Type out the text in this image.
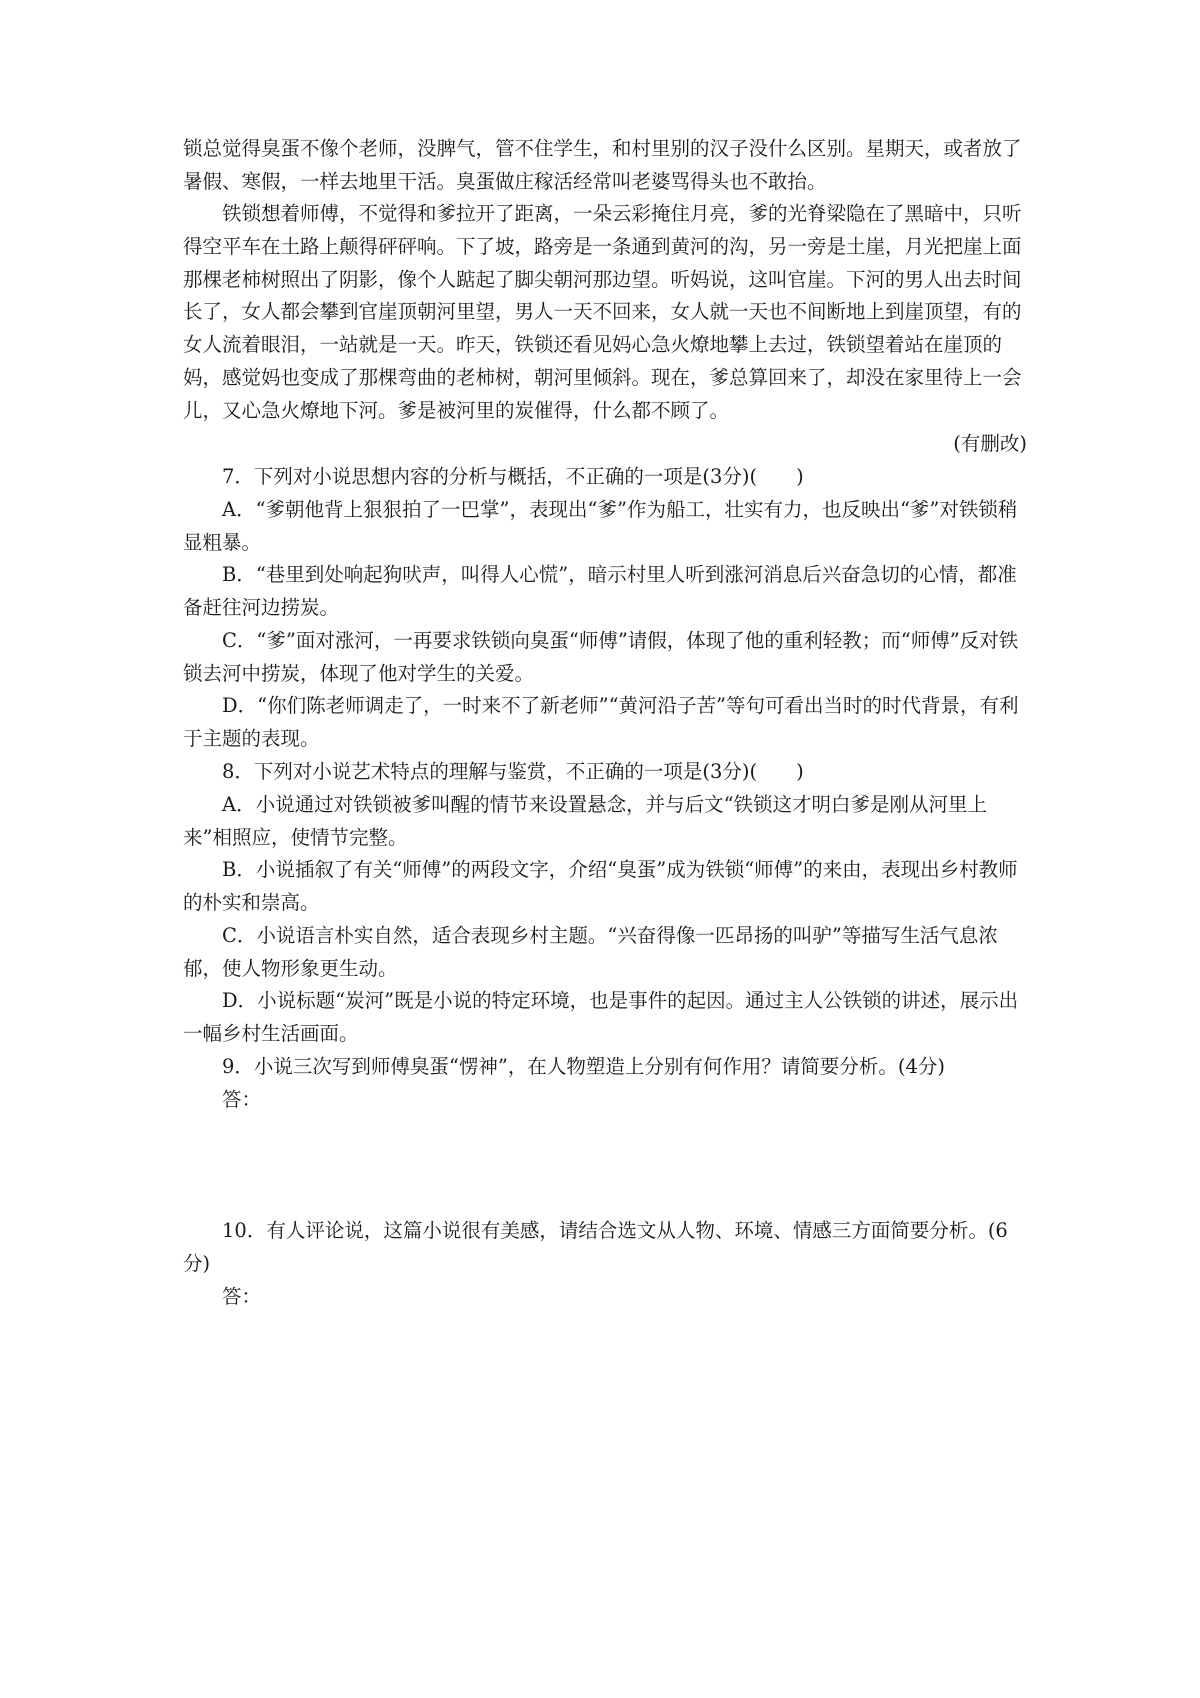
锁总觉得臭蛋不像个老师，没脾气，管不住学生，和村里别的汉子没什么区别。星期天，或者放了暑假、寒假，一样去地里干活。臭蛋做庄稼活经常叫老婆骂得头也不敢抬。

铁锁想着师傅，不觉得和爹拉开了距离，一朵云彩掩住月亮，爹的光脊梁隐在了黑暗中，只听得空平车在土路上颠得砰砰响。下了坡，路旁是一条通到黄河的沟，另一旁是土崖，月光把崖上面那棵老柿树照出了阴影，像个人踮起了脚尖朝河那边望。听妈说，这叫官崖。下河的男人出去时间长了，女人都会攀到官崖顶朝河里望，男人一天不回来，女人就一天也不间断地上到崖顶望，有的女人流着眼泪，一站就是一天。昨天，铁锁还看见妈心急火燎地攀上去过，铁锁望着站在崖顶的妈，感觉妈也变成了那棵弯曲的老柿树，朝河里倾斜。现在，爹总算回来了，却没在家里待上一会儿，又心急火燎地下河。爹是被河里的炭催得，什么都不顾了。

(有删改)

7．下列对小说思想内容的分析与概括，不正确的一项是(3分)(　　)

A．“爹朝他背上狠狠拍了一巴掌”，表现出“爹”作为船工，壮实有力，也反映出“爹”对铁锁稍显粗暴。

B．“巷里到处响起狗吠声，叫得人心慌”，暗示村里人听到涨河消息后兴奋急切的心情，都准备赶往河边捞炭。

C．“爹”面对涨河，一再要求铁锁向臭蛋“师傅”请假，体现了他的重利轻教；而“师傅”反对铁锁去河中捞炭，体现了他对学生的关爱。

D．“你们陈老师调走了，一时来不了新老师”“黄河沿子苦”等句可看出当时的时代背景，有利于主题的表现。

8．下列对小说艺术特点的理解与鉴赏，不正确的一项是(3分)(　　)

A．小说通过对铁锁被爹叫醒的情节来设置悬念，并与后文“铁锁这才明白爹是刚从河里上来”相照应，使情节完整。

B．小说插叙了有关“师傅”的两段文字，介绍“臭蛋”成为铁锁“师傅”的来由，表现出乡村教师的朴实和崇高。

C．小说语言朴实自然，适合表现乡村主题。“兴奋得像一匹昂扬的叫驴”等描写生活气息浓郁，使人物形象更生动。

D．小说标题“炭河”既是小说的特定环境，也是事件的起因。通过主人公铁锁的讲述，展示出一幅乡村生活画面。

9．小说三次写到师傅臭蛋“愣神”，在人物塑造上分别有何作用？请简要分析。(4分)

答：

10．有人评论说，这篇小说很有美感，请结合选文从人物、环境、情感三方面简要分析。(6分)

答：
